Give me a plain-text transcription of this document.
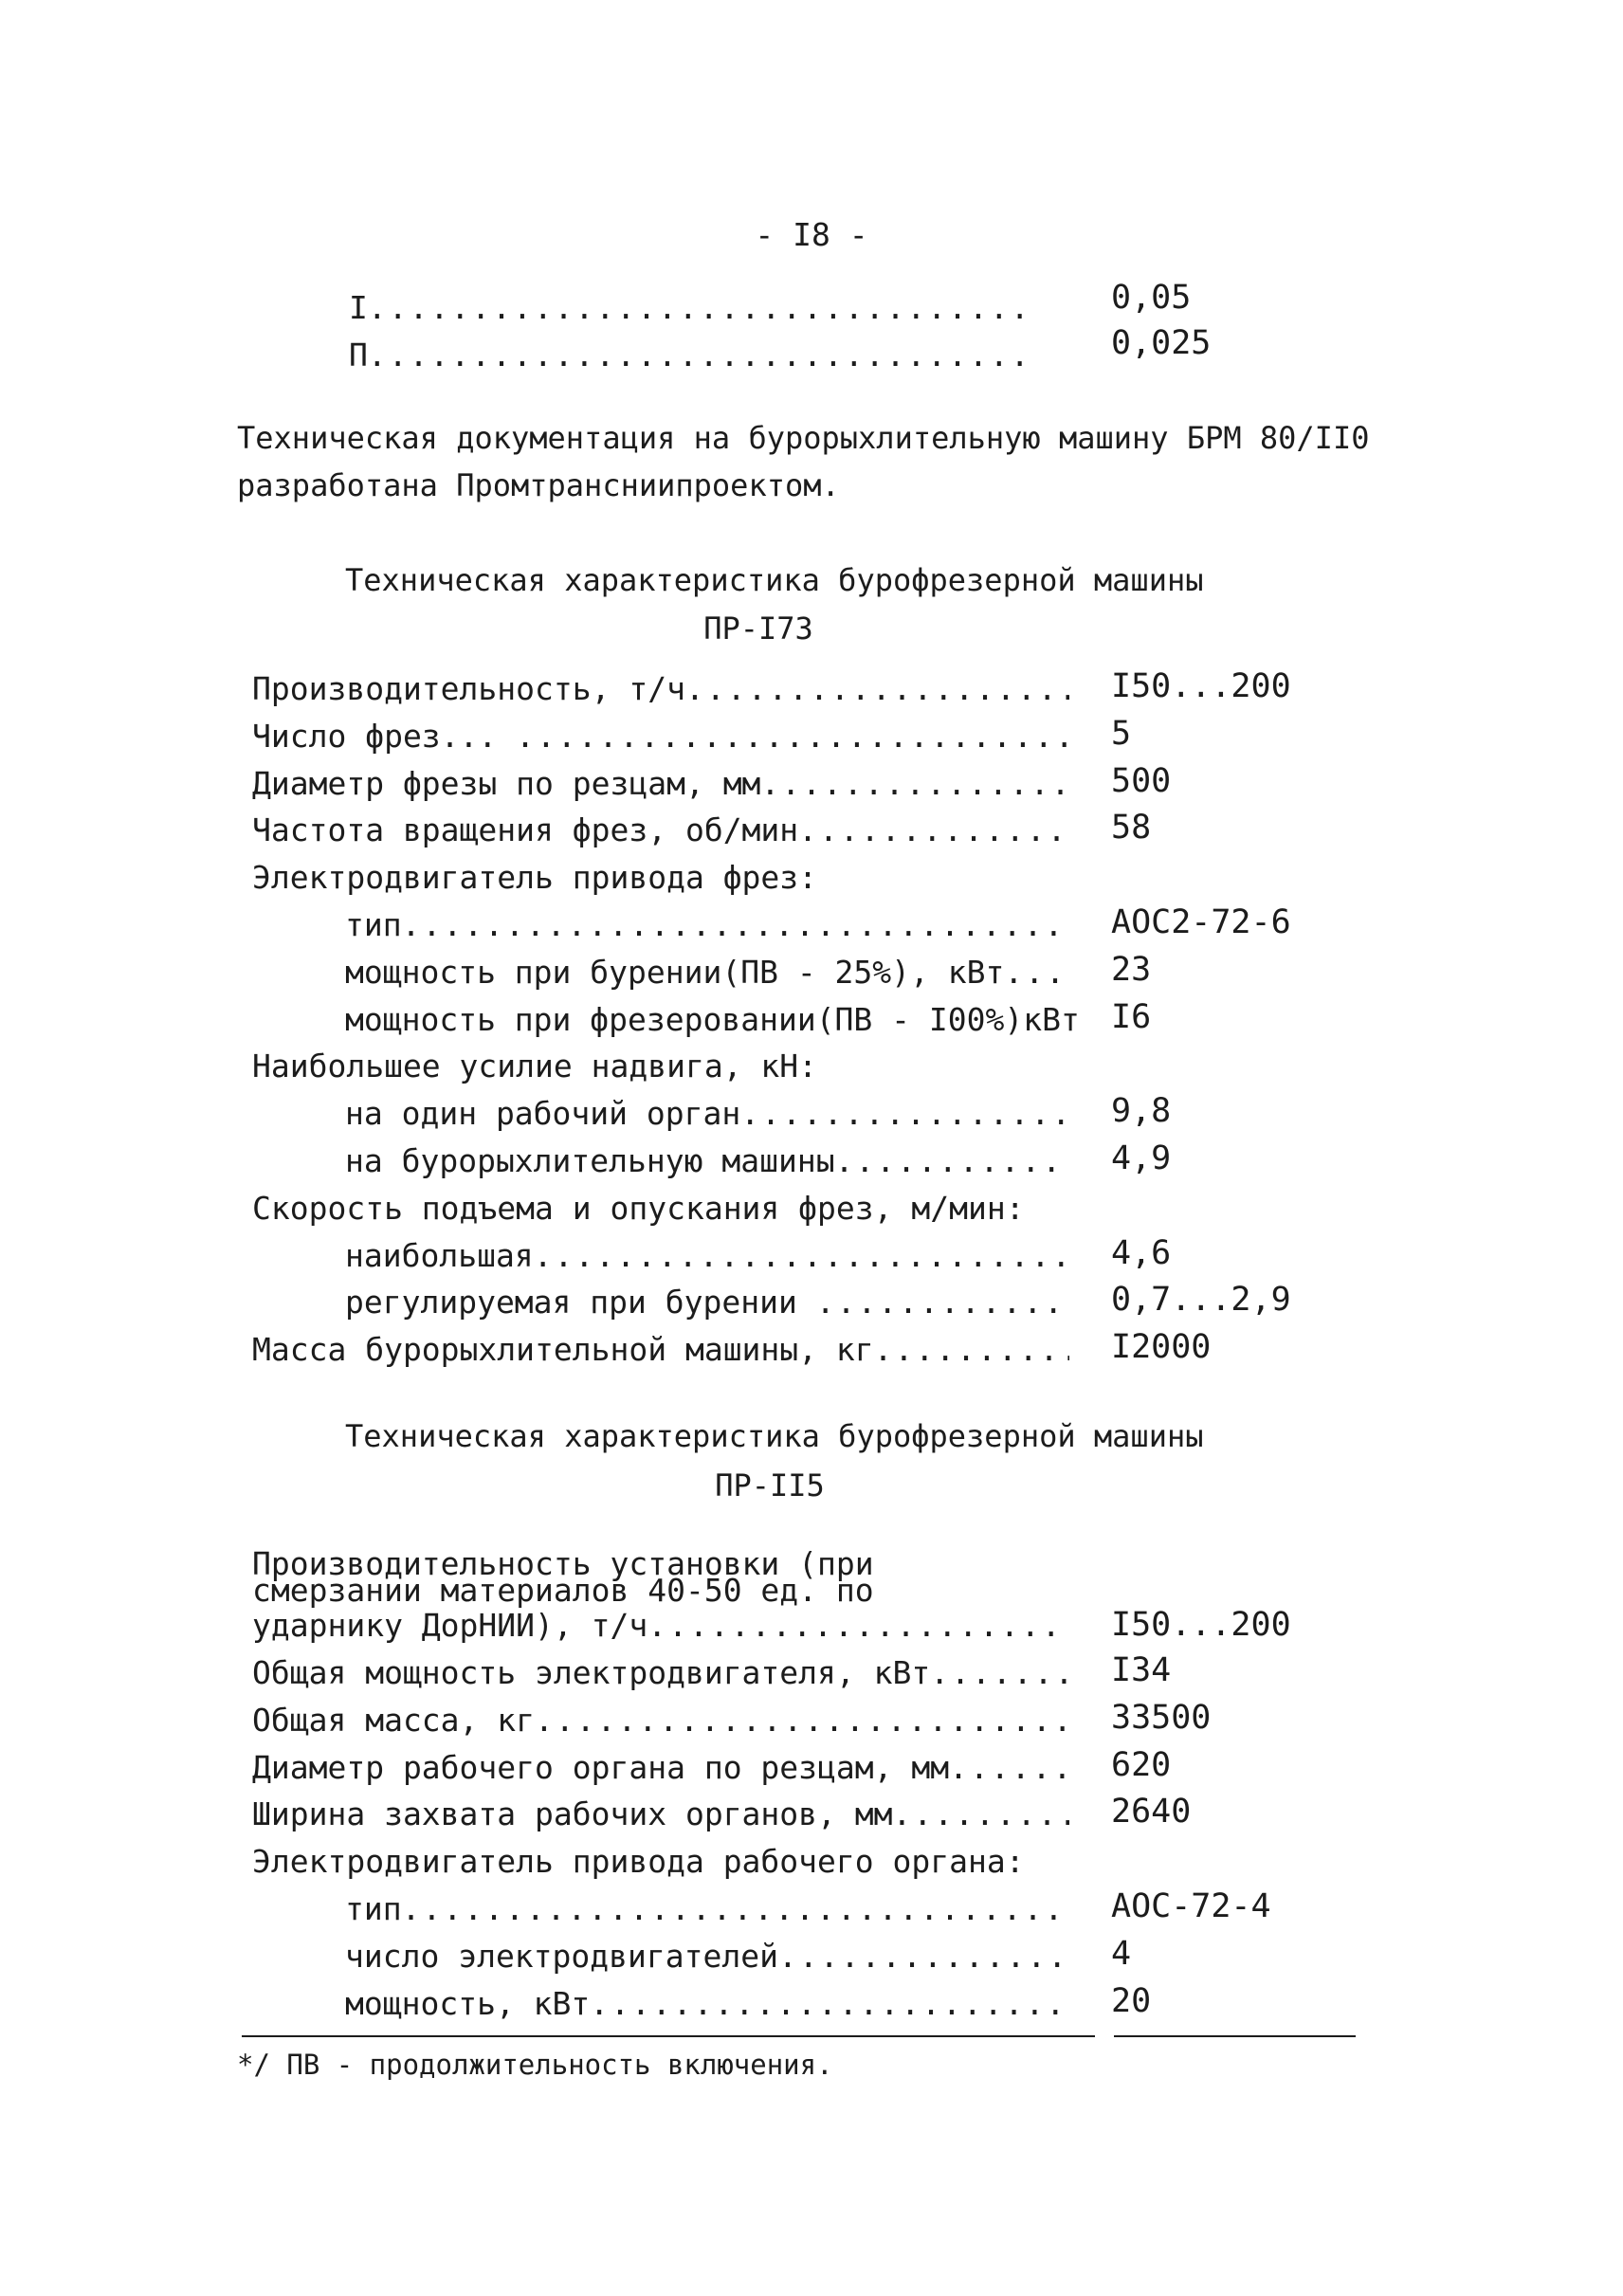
- I8 -
I .....	0,05
П .....	0,025
Техническая документация на бурорыхлительную машину БРМ 80/II0
разработана Промтрансниипроектом.
Техническая характеристика бурофрезерной машины
ПР-I73
Производительность, т/ч .....	I50...200
Число фрез... .....	5
Диаметр фрезы по резцам, мм .....	500
Частота вращения фрез, об/мин .....	58
Электродвигатель привода фрез:
тип .....	АОС2-72-6
мощность при бурении(ПВ - 25%), кВт .....	23
мощность при фрезеровании(ПВ - I00%)кВт I6
Наибольшее усилие надвига, кН:
на один рабочий орган .....	9,8
на бурорыхлительную машины .....	4,9
Скорость подъема и опускания фрез, м/мин:
наибольшая .....	4,6
регулируемая при бурении .....	0,7...2,9
Масса бурорыхлительной машины, кг .....	I2000
Техническая характеристика бурофрезерной машины
ПР-II5
Производительность установки (при
смерзании материалов 40-50 ед. по
ударнику ДорНИИ), т/ч .....	I50...200
Общая мощность электродвигателя, кВт .....	I34
Общая масса, кг .....	33500
Диаметр рабочего органа по резцам, мм .....	620
Ширина захвата рабочих органов, мм .....	2640
Электродвигатель привода рабочего органа:
тип .....	АОС-72-4
число электродвигателей .....	4
мощность, кВт .....	20
*/ ПВ - продолжительность включения.
